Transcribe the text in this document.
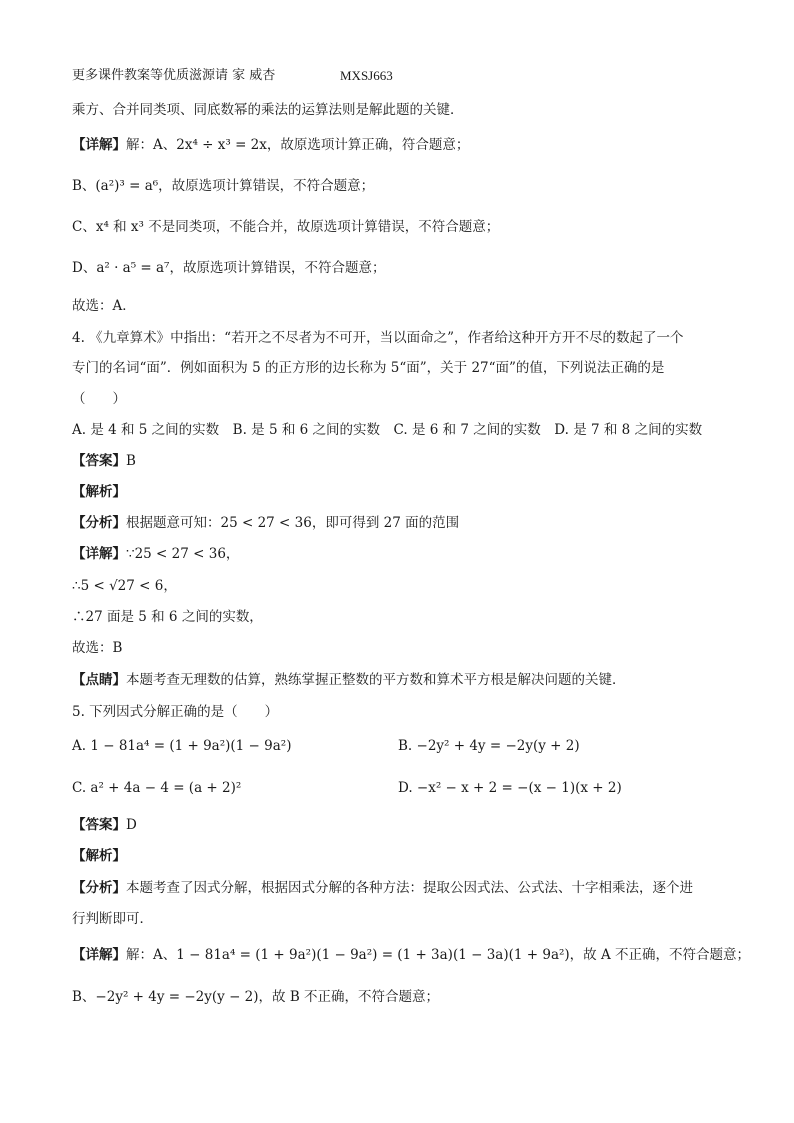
更多课件教案等优质滋源请 家 威杏	MXSJ663
乘方、合并同类项、同底数幂的乘法的运算法则是解此题的关键．
【详解】解：A、2x⁴ ÷ x³ = 2x，故原选项计算正确，符合题意；
B、(a²)³ = a⁶，故原选项计算错误，不符合题意；
C、x⁴ 和 x³ 不是同类项，不能合并，故原选项计算错误，不符合题意；
D、a² · a⁵ = a⁷，故原选项计算错误，不符合题意；
故选：A．
4. 《九章算术》中指出：“若开之不尽者为不可开，当以面命之”，作者给这种开方开不尽的数起了一个
专门的名词“面”．例如面积为 5 的正方形的边长称为 5“面”，关于 27“面”的值，下列说法正确的是
（　　）
A. 是 4 和 5 之间的实数　B. 是 5 和 6 之间的实数　C. 是 6 和 7 之间的实数　D. 是 7 和 8 之间的实数
【答案】B
【解析】
【分析】根据题意可知：25 < 27 < 36，即可得到 27 面的范围
【详解】∵25 < 27 < 36，
∴5 < √27 < 6，
∴27 面是 5 和 6 之间的实数，
故选：B
【点睛】本题考查无理数的估算，熟练掌握正整数的平方数和算术平方根是解决问题的关键．
5. 下列因式分解正确的是（　　）
A. 1 − 81a⁴ = (1 + 9a²)(1 − 9a²)	B. −2y² + 4y = −2y(y + 2)
C. a² + 4a − 4 = (a + 2)²	D. −x² − x + 2 = −(x − 1)(x + 2)
【答案】D
【解析】
【分析】本题考查了因式分解，根据因式分解的各种方法：提取公因式法、公式法、十字相乘法，逐个进
行判断即可．
【详解】解：A、1 − 81a⁴ = (1 + 9a²)(1 − 9a²) = (1 + 3a)(1 − 3a)(1 + 9a²)，故 A 不正确，不符合题意；
B、−2y² + 4y = −2y(y − 2)，故 B 不正确，不符合题意；
